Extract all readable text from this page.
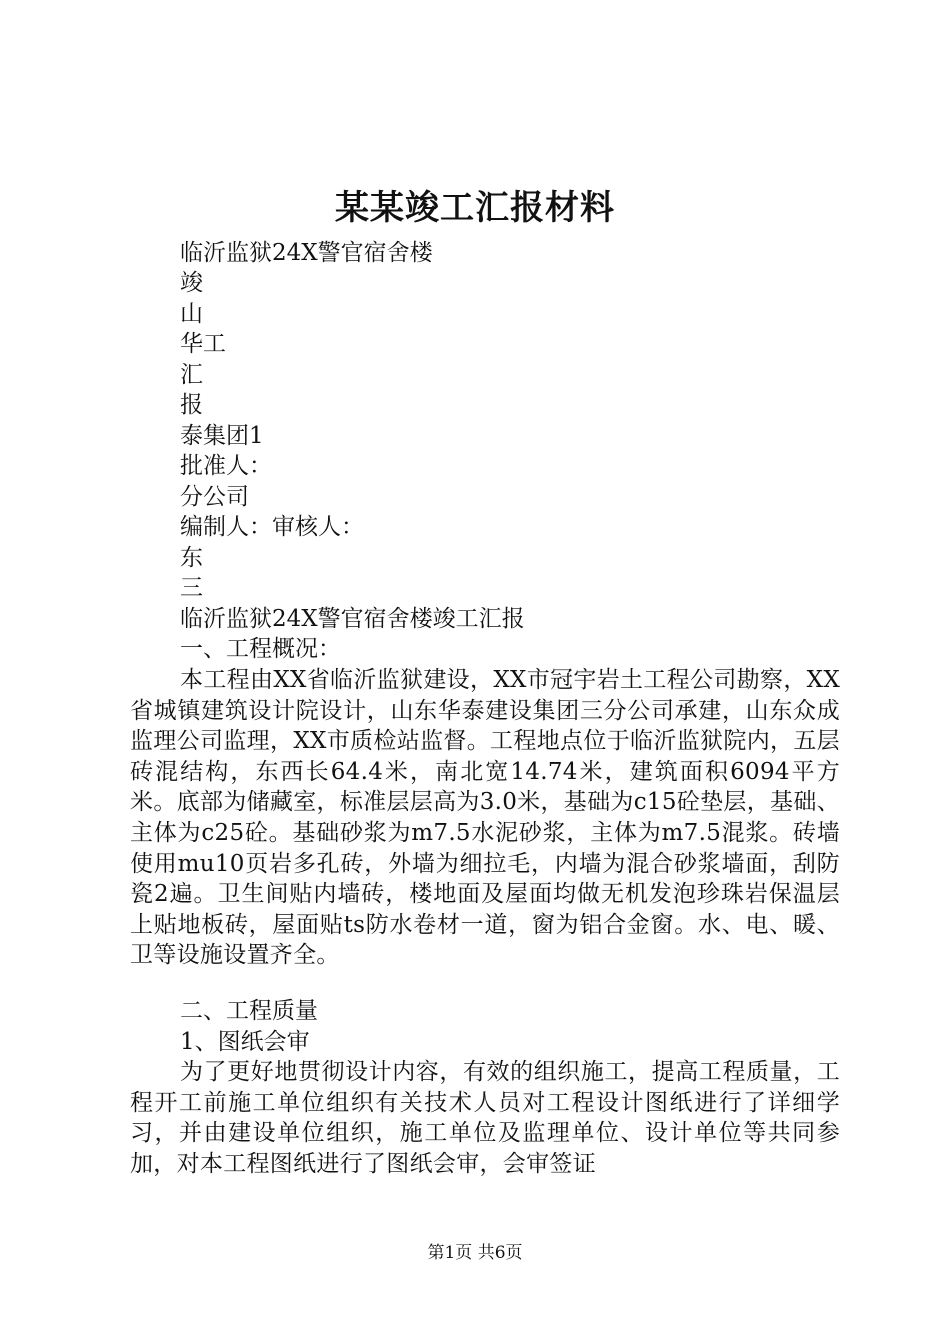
某某竣工汇报材料
临沂监狱24X警官宿舍楼
竣
山
华工
汇
报
泰集团1
批准人：
分公司
编制人：审核人：
东
三
临沂监狱24X警官宿舍楼竣工汇报
一、工程概况：
本工程由XX省临沂监狱建设，XX市冠宇岩土工程公司勘察，XX省城镇建筑设计院设计，山东华泰建设集团三分公司承建，山东众成监理公司监理，XX市质检站监督。工程地点位于临沂监狱院内，五层砖混结构，东西长64.4米，南北宽14.74米，建筑面积6094平方米。底部为储藏室，标准层层高为3.0米，基础为c15砼垫层，基础、主体为c25砼。基础砂浆为m7.5水泥砂浆，主体为m7.5混浆。砖墙使用mu10页岩多孔砖，外墙为细拉毛，内墙为混合砂浆墙面，刮防瓷2遍。卫生间贴内墙砖，楼地面及屋面均做无机发泡珍珠岩保温层上贴地板砖，屋面贴ts防水卷材一道，窗为铝合金窗。水、电、暖、卫等设施设置齐全。
二、工程质量
1、图纸会审
为了更好地贯彻设计内容，有效的组织施工，提高工程质量，工程开工前施工单位组织有关技术人员对工程设计图纸进行了详细学习，并由建设单位组织，施工单位及监理单位、设计单位等共同参加，对本工程图纸进行了图纸会审，会审签证
第1页 共6页
